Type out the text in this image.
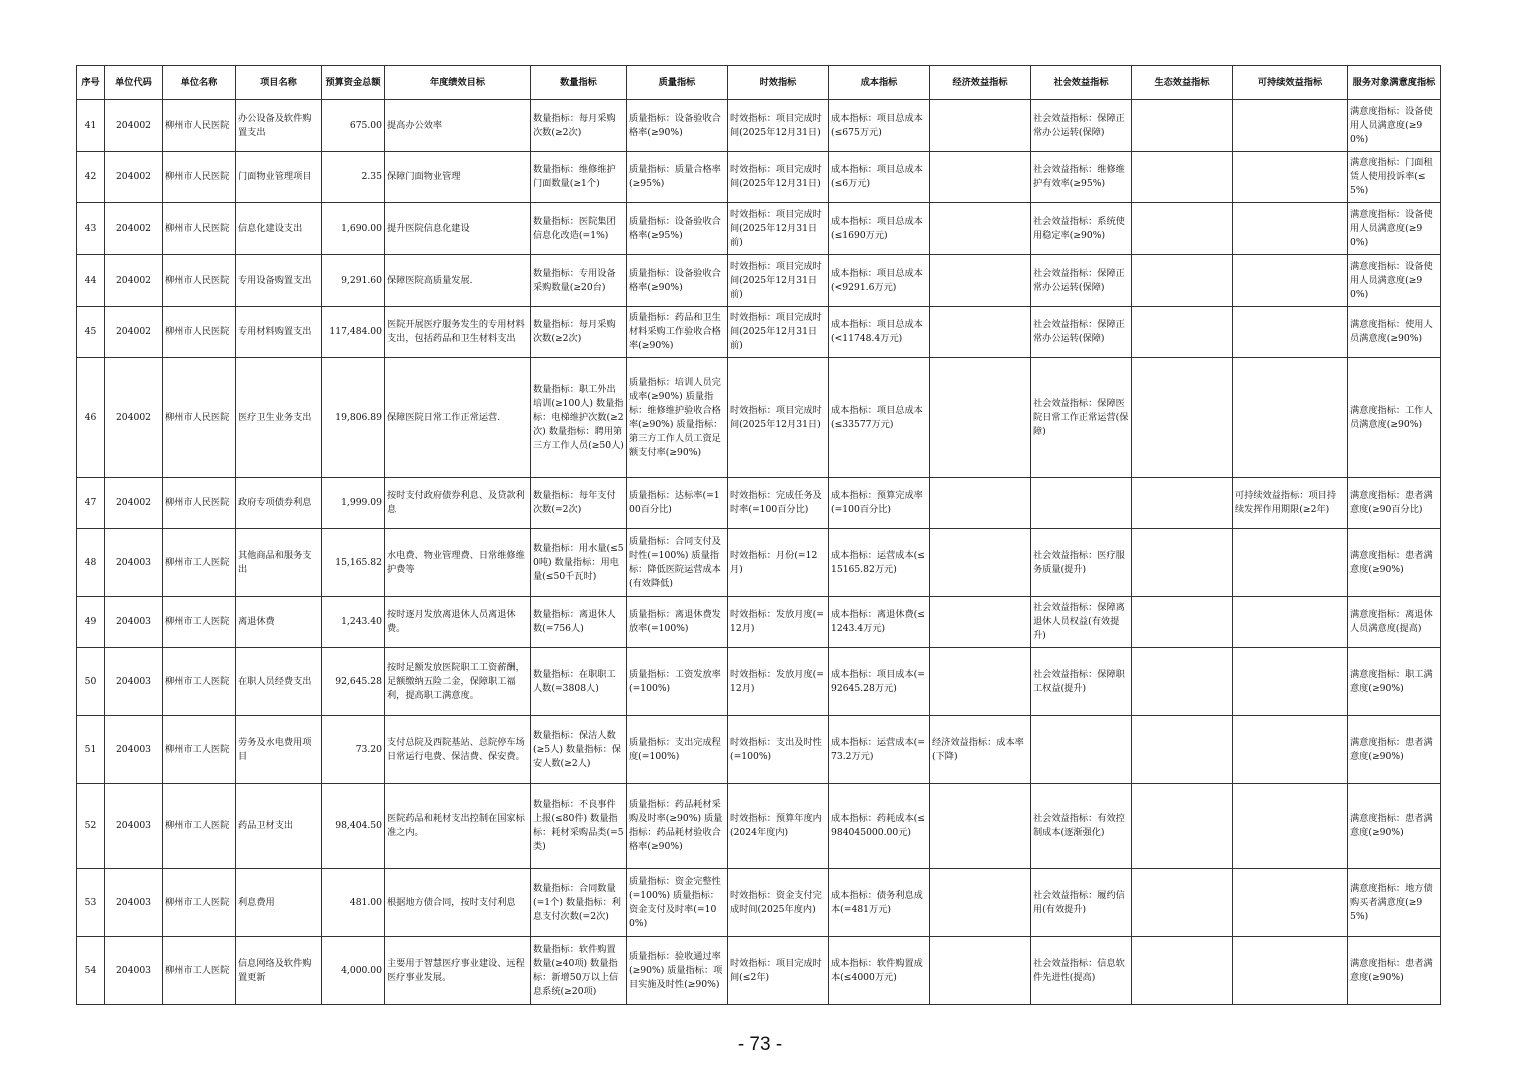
序号	单位代码	单位名称	项目名称	预算资金总额	年度绩效目标	数量指标	质量指标	时效指标	成本指标	经济效益指标	社会效益指标	生态效益指标	可持续效益指标	服务对象满意度指标
41	204002	柳州市人民医院	办公设备及软件购置支出	675.00	提高办公效率	数量指标：每月采购次数(≥2次)	质量指标：设备验收合格率(≥90%)	时效指标：项目完成时间(2025年12月31日)	成本指标：项目总成本(≤675万元)		社会效益指标：保障正常办公运转(保障)			满意度指标：设备使用人员满意度(≥90%)
42	204002	柳州市人民医院	门面物业管理项目	2.35	保障门面物业管理	数量指标：维修维护门面数量(≥1个)	质量指标：质量合格率(≥95%)	时效指标：项目完成时间(2025年12月31日)	成本指标：项目总成本(≤6万元)		社会效益指标：维修维护有效率(≥95%)			满意度指标：门面租赁人使用投诉率(≤5%)
43	204002	柳州市人民医院	信息化建设支出	1,690.00	提升医院信息化建设	数量指标：医院集团信息化改造(=1%)	质量指标：设备验收合格率(≥95%)	时效指标：项目完成时间(2025年12月31日前)	成本指标：项目总成本(≤1690万元)		社会效益指标：系统使用稳定率(≥90%)			满意度指标：设备使用人员满意度(≥90%)
44	204002	柳州市人民医院	专用设备购置支出	9,291.60	保障医院高质量发展.	数量指标：专用设备采购数量(≥20台)	质量指标：设备验收合格率(≥90%)	时效指标：项目完成时间(2025年12月31日前)	成本指标：项目总成本(<9291.6万元)		社会效益指标：保障正常办公运转(保障)			满意度指标：设备使用人员满意度(≥90%)
45	204002	柳州市人民医院	专用材料购置支出	117,484.00	医院开展医疗服务发生的专用材料支出，包括药品和卫生材料支出	数量指标：每月采购次数(≥2次)	质量指标：药品和卫生材料采购工作验收合格率(≥90%)	时效指标：项目完成时间(2025年12月31日前)	成本指标：项目总成本(<11748.4万元)		社会效益指标：保障正常办公运转(保障)			满意度指标：使用人员满意度(≥90%)
46	204002	柳州市人民医院	医疗卫生业务支出	19,806.89	保障医院日常工作正常运营.	数量指标：职工外出培训(≥100人) 数量指标：电梯维护次数(≥2次) 数量指标：聘用第三方工作人员(≥50人)	质量指标：培训人员完成率(≥90%) 质量指标：维修维护验收合格率(≥90%) 质量指标：第三方工作人员工资足额支付率(≥90%)	时效指标：项目完成时间(2025年12月31日)	成本指标：项目总成本(≤33577万元)		社会效益指标：保障医院日常工作正常运营(保障)			满意度指标：工作人员满意度(≥90%)
47	204002	柳州市人民医院	政府专项债券利息	1,999.09	按时支付政府债券利息、及贷款利息	数量指标：每年支付次数(=2次)	质量指标：达标率(=100百分比)	时效指标：完成任务及时率(=100百分比)	成本指标：预算完成率(=100百分比)				可持续效益指标：项目持续发挥作用期限(≥2年)	满意度指标：患者满意度(≥90百分比)
48	204003	柳州市工人医院	其他商品和服务支出	15,165.82	水电费、物业管理费、日常维修维护费等	数量指标：用水量(≤50吨) 数量指标：用电量(≤50千瓦时)	质量指标：合同支付及时性(=100%) 质量指标：降低医院运营成本(有效降低)	时效指标：月份(=12月)	成本指标：运营成本(≤15165.82万元)		社会效益指标：医疗服务质量(提升)			满意度指标：患者满意度(≥90%)
49	204003	柳州市工人医院	离退休费	1,243.40	按时逐月发放离退休人员离退休费。	数量指标：离退休人数(=756人)	质量指标：离退休费发放率(=100%)	时效指标：发放月度(=12月)	成本指标：离退休费(≤1243.4万元)		社会效益指标：保障离退休人员权益(有效提升)			满意度指标：离退休人员满意度(提高)
50	204003	柳州市工人医院	在职人员经费支出	92,645.28	按时足额发放医院职工工资薪酬，足额缴纳五险二金，保障职工福利，提高职工满意度。	数量指标：在职职工人数(=3808人)	质量指标：工资发放率(=100%)	时效指标：发放月度(=12月)	成本指标：项目成本(=92645.28万元)		社会效益指标：保障职工权益(提升)			满意度指标：职工满意度(≥90%)
51	204003	柳州市工人医院	劳务及水电费用项目	73.20	支付总院及西院基站、总院停车场日常运行电费、保洁费、保安费。	数量指标：保洁人数(≥5人) 数量指标：保安人数(≥2人)	质量指标：支出完成程度(=100%)	时效指标：支出及时性(=100%)	成本指标：运营成本(=73.2万元)	经济效益指标：成本率(下降)				满意度指标：患者满意度(≥90%)
52	204003	柳州市工人医院	药品卫材支出	98,404.50	医院药品和耗材支出控制在国家标准之内。	数量指标：不良事件上报(≤80件) 数量指标：耗材采购品类(=5类)	质量指标：药品耗材采购及时率(≥90%) 质量指标：药品耗材验收合格率(≥90%)	时效指标：预算年度内(2024年度内)	成本指标：药耗成本(≤984045000.00元)		社会效益指标：有效控制成本(逐渐强化)			满意度指标：患者满意度(≥90%)
53	204003	柳州市工人医院	利息费用	481.00	根据地方债合同，按时支付利息	数量指标：合同数量(=1个) 数量指标：利息支付次数(=2次)	质量指标：资金完整性(=100%) 质量指标：资金支付及时率(=100%)	时效指标：资金支付完成时间(2025年度内)	成本指标：债务利息成本(=481万元)		社会效益指标：履约信用(有效提升)			满意度指标：地方债购买者满意度(≥95%)
54	204003	柳州市工人医院	信息网络及软件购置更新	4,000.00	主要用于智慧医疗事业建设、远程医疗事业发展。	数量指标：软件购置数量(≥40项) 数量指标：新增50万以上信息系统(≥20项)	质量指标：验收通过率(≥90%) 质量指标：项目实施及时性(≥90%)	时效指标：项目完成时间(≤2年)	成本指标：软件购置成本(≤4000万元)		社会效益指标：信息软件先进性(提高)			满意度指标：患者满意度(≥90%)
- 73 -
